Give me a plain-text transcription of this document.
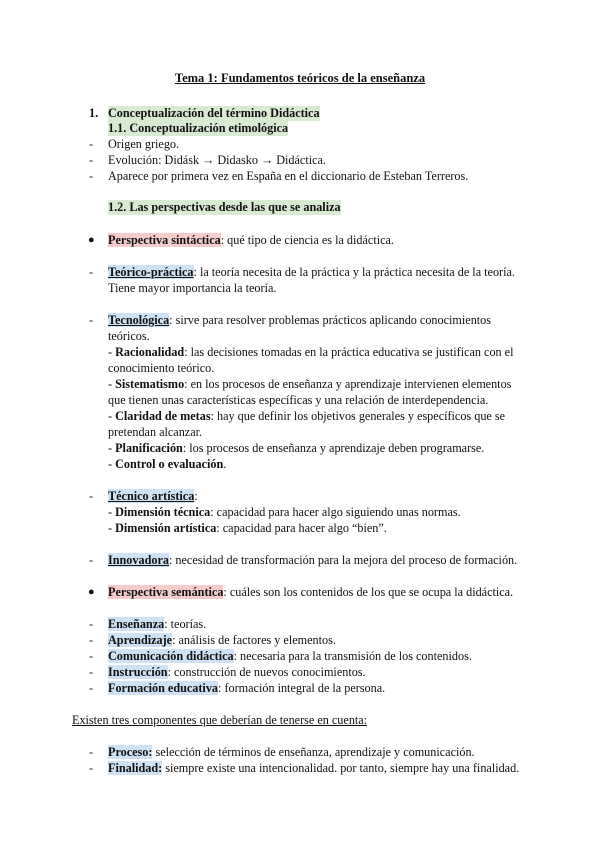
Tema 1: Fundamentos teóricos de la enseñanza
1. Conceptualización del término Didáctica
1.1. Conceptualización etimológica
- Origen griego.
- Evolución: Didásk → Didasko → Didáctica.
- Aparece por primera vez en España en el diccionario de Esteban Terreros.
1.2. Las perspectivas desde las que se analiza
● Perspectiva sintáctica: qué tipo de ciencia es la didáctica.
- Teórico-práctica: la teoría necesita de la práctica y la práctica necesita de la teoría.
Tiene mayor importancia la teoría.
- Tecnológica: sirve para resolver problemas prácticos aplicando conocimientos
teóricos.
- Racionalidad: las decisiones tomadas en la práctica educativa se justifican con el
conocimiento teórico.
- Sistematismo: en los procesos de enseñanza y aprendizaje intervienen elementos
que tienen unas características específicas y una relación de interdependencia.
- Claridad de metas: hay que definir los objetivos generales y específicos que se
pretendan alcanzar.
- Planificación: los procesos de enseñanza y aprendizaje deben programarse.
- Control o evaluación.
- Técnico artística:
- Dimensión técnica: capacidad para hacer algo siguiendo unas normas.
- Dimensión artística: capacidad para hacer algo “bien”.
- Innovadora: necesidad de transformación para la mejora del proceso de formación.
● Perspectiva semántica: cuáles son los contenidos de los que se ocupa la didáctica.
- Enseñanza: teorías.
- Aprendizaje: análisis de factores y elementos.
- Comunicación didáctica: necesaria para la transmisión de los contenidos.
- Instrucción: construcción de nuevos conocimientos.
- Formación educativa: formación integral de la persona.
Existen tres componentes que deberían de tenerse en cuenta:
- Proceso: selección de términos de enseñanza, aprendizaje y comunicación.
- Finalidad: siempre existe una intencionalidad. por tanto, siempre hay una finalidad.
